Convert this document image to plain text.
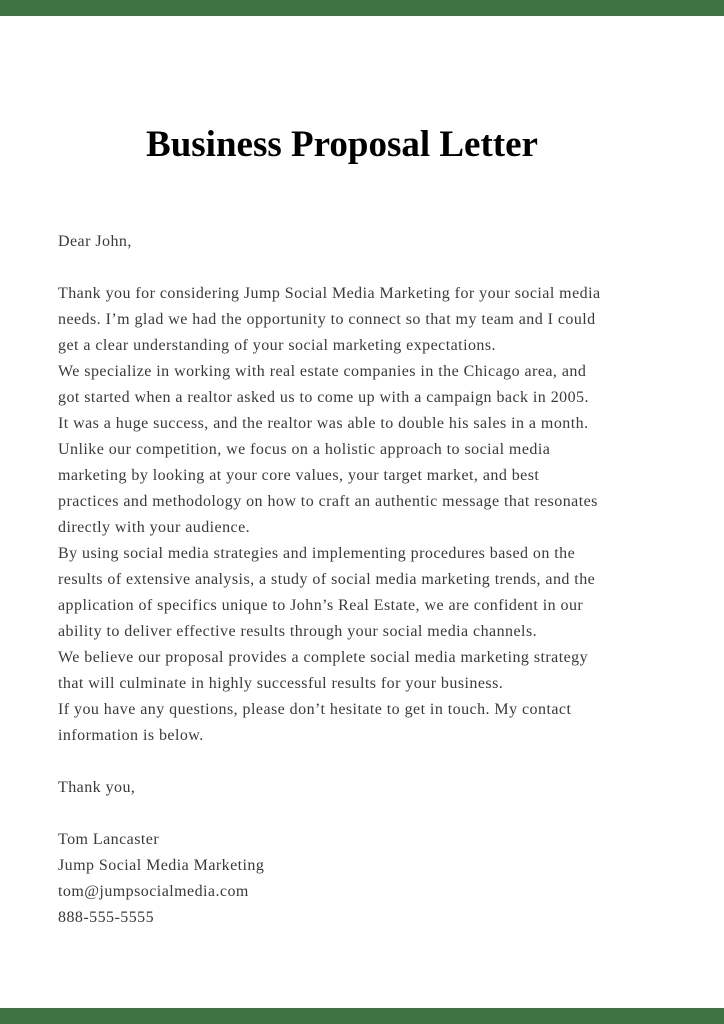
Business Proposal Letter

Dear John,

Thank you for considering Jump Social Media Marketing for your social media

needs. I’m glad we had the opportunity to connect so that my team and I could

get a clear understanding of your social marketing expectations.

We specialize in working with real estate companies in the Chicago area, and

got started when a realtor asked us to come up with a campaign back in 2005.

It was a huge success, and the realtor was able to double his sales in a month.

Unlike our competition, we focus on a holistic approach to social media

marketing by looking at your core values, your target market, and best

practices and methodology on how to craft an authentic message that resonates

directly with your audience.

By using social media strategies and implementing procedures based on the

results of extensive analysis, a study of social media marketing trends, and the

application of specifics unique to John’s Real Estate, we are confident in our

ability to deliver effective results through your social media channels.

We believe our proposal provides a complete social media marketing strategy

that will culminate in highly successful results for your business.

If you have any questions, please don’t hesitate to get in touch. My contact

information is below.

Thank you,

Tom Lancaster

Jump Social Media Marketing

tom@jumpsocialmedia.com

888-555-5555
